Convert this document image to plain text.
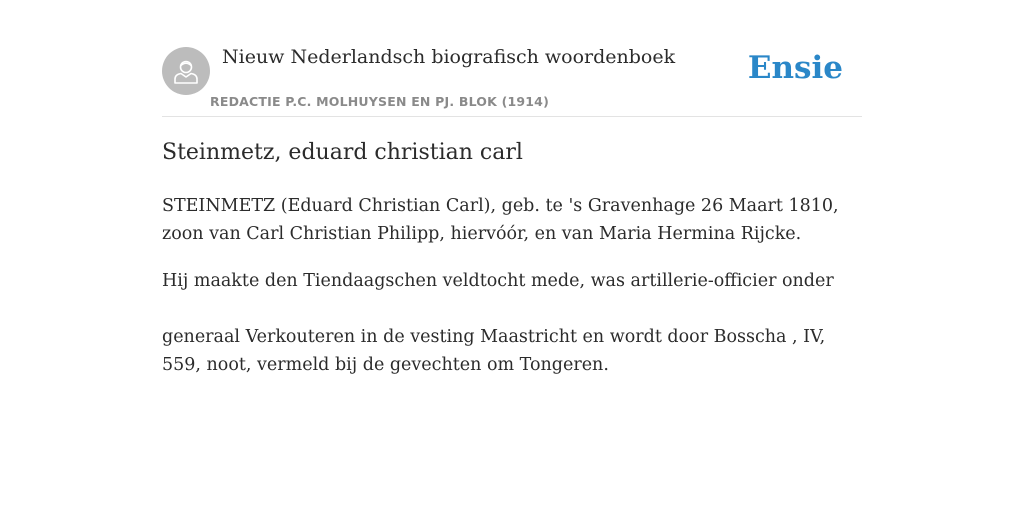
Nieuw Nederlandsch biografisch woordenboek
REDACTIE P.C. MOLHUYSEN EN PJ. BLOK (1914)
Ensie
Steinmetz, eduard christian carl

STEINMETZ (Eduard Christian Carl), geb. te 's Gravenhage 26 Maart 1810, zoon van Carl Christian Philipp, hiervóór, en van Maria Hermina Rijcke.

Hij maakte den Tiendaagschen veldtocht mede, was artillerie-officier onder

generaal Verkouteren in de vesting Maastricht en wordt door Bosscha , IV, 559, noot, vermeld bij de gevechten om Tongeren.
